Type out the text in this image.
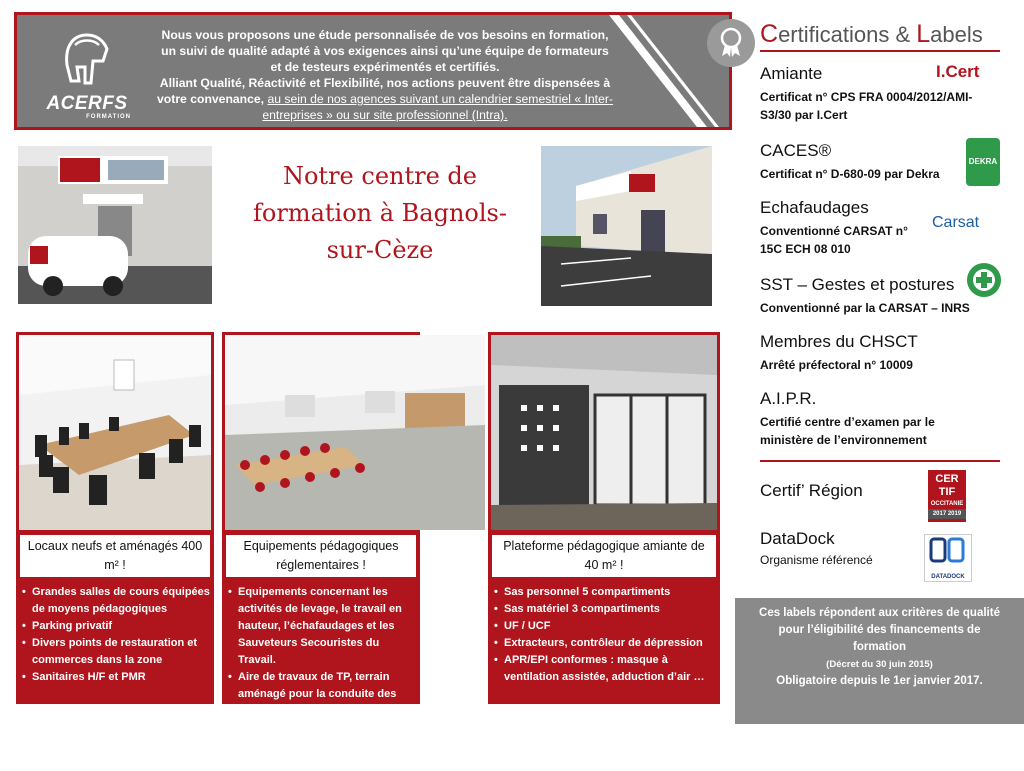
ACERFS
FORMATION
Nous vous proposons une étude personnalisée de vos besoins en formation, un suivi de qualité adapté à vos exigences ainsi qu’une équipe de formateurs et de testeurs expérimentés et certifiés.
Alliant Qualité, Réactivité et Flexibilité, nos actions peuvent être dispensées à votre convenance, au sein de nos agences suivant un calendrier semestriel « Inter-entreprises » ou sur site professionnel (Intra).
Notre centre de formation à Bagnols-sur-Cèze
Locaux neufs et aménagés 400 m² !
• Grandes salles de cours équipées de moyens pédagogiques
• Parking privatif
• Divers points de restauration et commerces dans la zone
• Sanitaires H/F et PMR
Equipements pédagogiques réglementaires !
• Equipements concernant les activités de levage, le travail en hauteur, l’échafaudages et les Sauveteurs Secouristes du Travail.
• Aire de travaux de TP, terrain aménagé pour la conduite des engins
• Atelier de travaux pédagogiques électriques
• Différents EPI réglementaires …
Plateforme pédagogique amiante de 40 m² !
• Sas personnel 5 compartiments
• Sas matériel 3 compartiments
• UF / UCF
• Extracteurs, contrôleur de dépression
• APR/EPI conformes : masque à ventilation assistée, adduction d’air …
Certifications & Labels
Amiante
Certificat n° CPS FRA 0004/2012/AMI-S3/30 par I.Cert
I.Cert
CACES®
Certificat n° D-680-09 par Dekra
DEKRA
Echafaudages
Conventionné CARSAT n° 15C ECH 08 010
Carsat
SST – Gestes et postures
Conventionné par la CARSAT – INRS
Membres du CHSCT
Arrêté préfectoral n° 10009
A.I.P.R.
Certifié centre d’examen par le ministère de l’environnement
Certif’ Région
CER TIF
OCCITANIE
2017 2019
DataDock
Organisme référencé
DATADOCK
Ces labels répondent aux critères de qualité pour l’éligibilité des financements de formation
(Décret du 30 juin 2015)
Obligatoire depuis le 1er janvier 2017.
